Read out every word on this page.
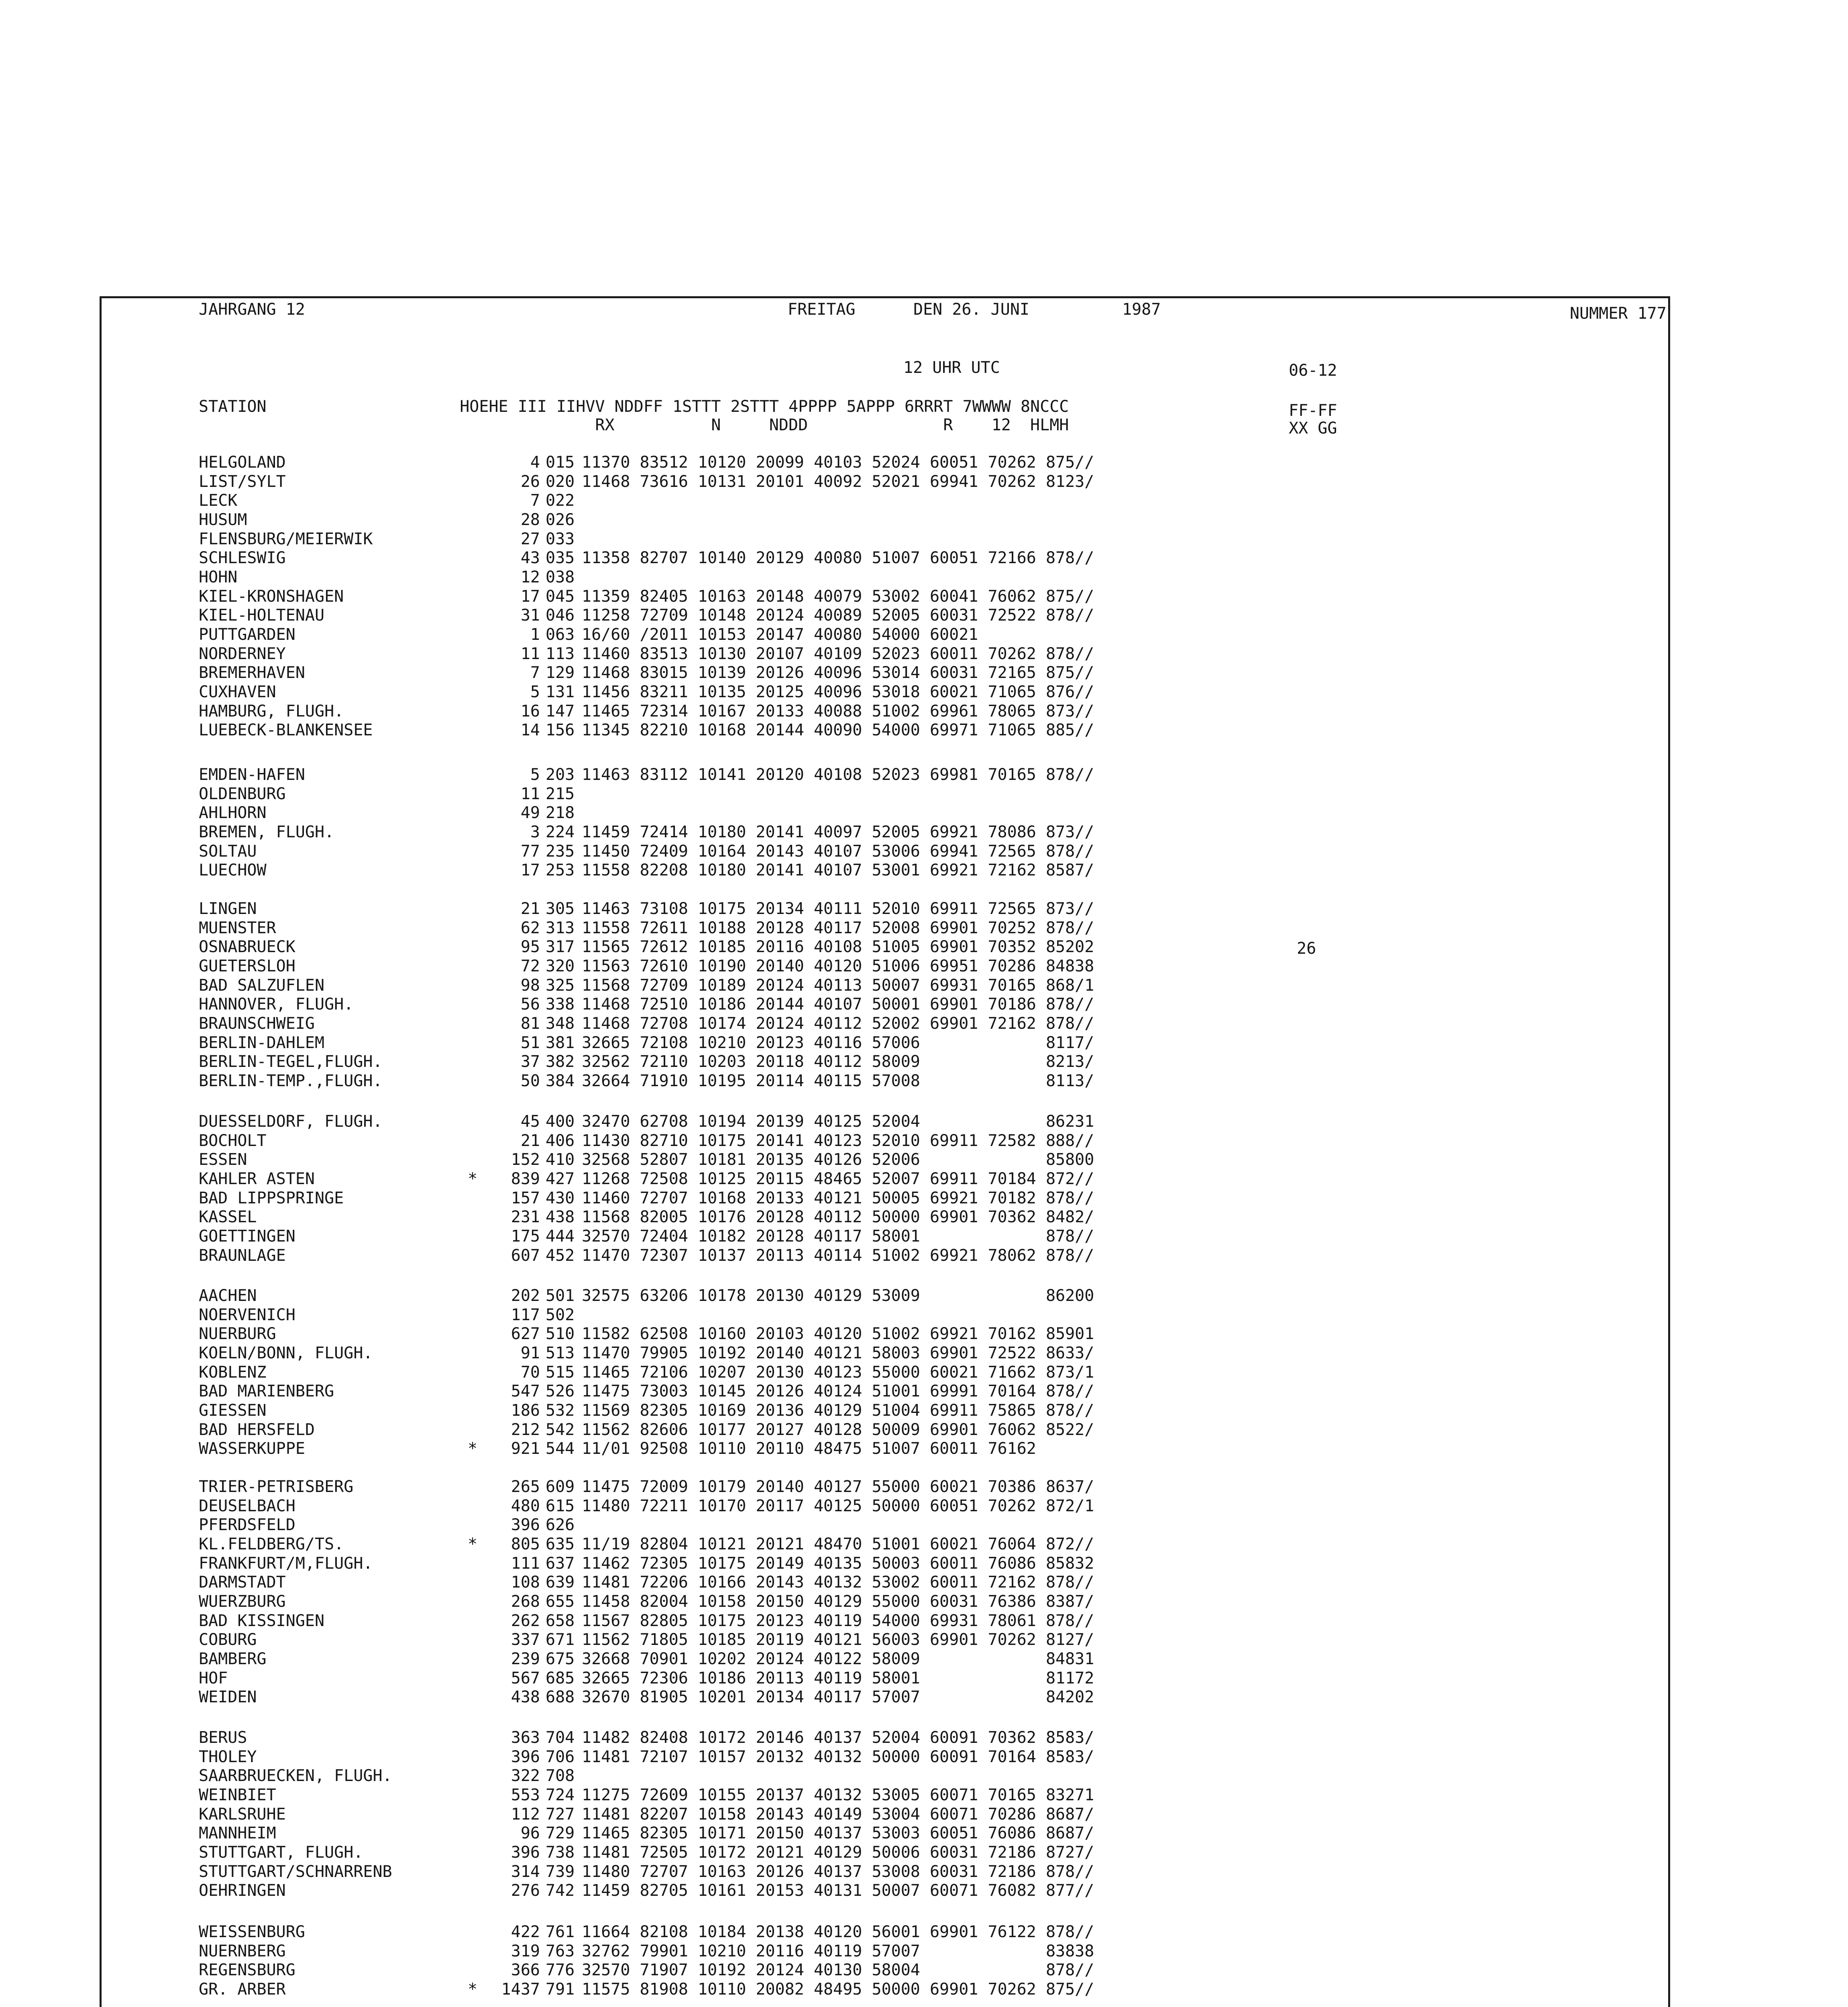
JAHRGANG 12	FREITAG	DEN 26. JUNI	1987	NUMMER 177
12 UHR UTC	06-12
STATION                    HOEHE III IIHVV NDDFF 1STTT 2STTT 4PPPP 5APPP 6RRRT 7WWWW 8NCCC
RX          N     NDDD              R    12  HLMH
FF-FF
XX GG
HELGOLAND	4 015 11370 83512 10120 20099 40103 52024 60051 70262 875//
LIST/SYLT	26 020 11468 73616 10131 20101 40092 52021 69941 70262 8123/
LECK	7 022
HUSUM	28 026
FLENSBURG/MEIERWIK	27 033
SCHLESWIG	43 035 11358 82707 10140 20129 40080 51007 60051 72166 878//
HOHN	12 038
KIEL-KRONSHAGEN	17 045 11359 82405 10163 20148 40079 53002 60041 76062 875//
KIEL-HOLTENAU	31 046 11258 72709 10148 20124 40089 52005 60031 72522 878//
PUTTGARDEN	1 063 16/60 /2011 10153 20147 40080 54000 60021
NORDERNEY	11 113 11460 83513 10130 20107 40109 52023 60011 70262 878//
BREMERHAVEN	7 129 11468 83015 10139 20126 40096 53014 60031 72165 875//
CUXHAVEN	5 131 11456 83211 10135 20125 40096 53018 60021 71065 876//
HAMBURG, FLUGH.	16 147 11465 72314 10167 20133 40088 51002 69961 78065 873//
LUEBECK-BLANKENSEE	14 156 11345 82210 10168 20144 40090 54000 69971 71065 885//
EMDEN-HAFEN	5 203 11463 83112 10141 20120 40108 52023 69981 70165 878//
OLDENBURG	11 215
AHLHORN	49 218
BREMEN, FLUGH.	3 224 11459 72414 10180 20141 40097 52005 69921 78086 873//
SOLTAU	77 235 11450 72409 10164 20143 40107 53006 69941 72565 878//
LUECHOW	17 253 11558 82208 10180 20141 40107 53001 69921 72162 8587/
LINGEN	21 305 11463 73108 10175 20134 40111 52010 69911 72565 873//
MUENSTER	62 313 11558 72611 10188 20128 40117 52008 69901 70252 878//
OSNABRUECK	95 317 11565 72612 10185 20116 40108 51005 69901 70352 85202
GUETERSLOH	72 320 11563 72610 10190 20140 40120 51006 69951 70286 84838
BAD SALZUFLEN	98 325 11568 72709 10189 20124 40113 50007 69931 70165 868/1
HANNOVER, FLUGH.	56 338 11468 72510 10186 20144 40107 50001 69901 70186 878//
BRAUNSCHWEIG	81 348 11468 72708 10174 20124 40112 52002 69901 72162 878//
BERLIN-DAHLEM	51 381 32665 72108 10210 20123 40116 57006             8117/
BERLIN-TEGEL,FLUGH.	37 382 32562 72110 10203 20118 40112 58009             8213/
BERLIN-TEMP.,FLUGH.	50 384 32664 71910 10195 20114 40115 57008             8113/
DUESSELDORF, FLUGH.	45 400 32470 62708 10194 20139 40125 52004             86231
BOCHOLT	21 406 11430 82710 10175 20141 40123 52010 69911 72582 888//
ESSEN	152 410 32568 52807 10181 20135 40126 52006             85800
KAHLER ASTEN	*	839 427 11268 72508 10125 20115 48465 52007 69911 70184 872//
BAD LIPPSPRINGE	157 430 11460 72707 10168 20133 40121 50005 69921 70182 878//
KASSEL	231 438 11568 82005 10176 20128 40112 50000 69901 70362 8482/
GOETTINGEN	175 444 32570 72404 10182 20128 40117 58001             878//
BRAUNLAGE	607 452 11470 72307 10137 20113 40114 51002 69921 78062 878//
AACHEN	202 501 32575 63206 10178 20130 40129 53009             86200
NOERVENICH	117 502
NUERBURG	627 510 11582 62508 10160 20103 40120 51002 69921 70162 85901
KOELN/BONN, FLUGH.	91 513 11470 79905 10192 20140 40121 58003 69901 72522 8633/
KOBLENZ	70 515 11465 72106 10207 20130 40123 55000 60021 71662 873/1
BAD MARIENBERG	547 526 11475 73003 10145 20126 40124 51001 69991 70164 878//
GIESSEN	186 532 11569 82305 10169 20136 40129 51004 69911 75865 878//
BAD HERSFELD	212 542 11562 82606 10177 20127 40128 50009 69901 76062 8522/
WASSERKUPPE	*	921 544 11/01 92508 10110 20110 48475 51007 60011 76162
TRIER-PETRISBERG	265 609 11475 72009 10179 20140 40127 55000 60021 70386 8637/
DEUSELBACH	480 615 11480 72211 10170 20117 40125 50000 60051 70262 872/1
PFERDSFELD	396 626
KL.FELDBERG/TS.	*	805 635 11/19 82804 10121 20121 48470 51001 60021 76064 872//
FRANKFURT/M,FLUGH.	111 637 11462 72305 10175 20149 40135 50003 60011 76086 85832
DARMSTADT	108 639 11481 72206 10166 20143 40132 53002 60011 72162 878//
WUERZBURG	268 655 11458 82004 10158 20150 40129 55000 60031 76386 8387/
BAD KISSINGEN	262 658 11567 82805 10175 20123 40119 54000 69931 78061 878//
COBURG	337 671 11562 71805 10185 20119 40121 56003 69901 70262 8127/
BAMBERG	239 675 32668 70901 10202 20124 40122 58009             84831
HOF	567 685 32665 72306 10186 20113 40119 58001             81172
WEIDEN	438 688 32670 81905 10201 20134 40117 57007             84202
BERUS	363 704 11482 82408 10172 20146 40137 52004 60091 70362 8583/
THOLEY	396 706 11481 72107 10157 20132 40132 50000 60091 70164 8583/
SAARBRUECKEN, FLUGH.	322 708
WEINBIET	553 724 11275 72609 10155 20137 40132 53005 60071 70165 83271
KARLSRUHE	112 727 11481 82207 10158 20143 40149 53004 60071 70286 8687/
MANNHEIM	96 729 11465 82305 10171 20150 40137 53003 60051 76086 8687/
STUTTGART, FLUGH.	396 738 11481 72505 10172 20121 40129 50006 60031 72186 8727/
STUTTGART/SCHNARRENB	314 739 11480 72707 10163 20126 40137 53008 60031 72186 878//
OEHRINGEN	276 742 11459 82705 10161 20153 40131 50007 60071 76082 877//
WEISSENBURG	422 761 11664 82108 10184 20138 40120 56001 69901 76122 878//
NUERNBERG	319 763 32762 79901 10210 20116 40119 57007             83838
REGENSBURG	366 776 32570 71907 10192 20124 40130 58004             878//
GR. ARBER	*	1437 791 11575 81908 10110 20082 48495 50000 69901 70262 875//
26
